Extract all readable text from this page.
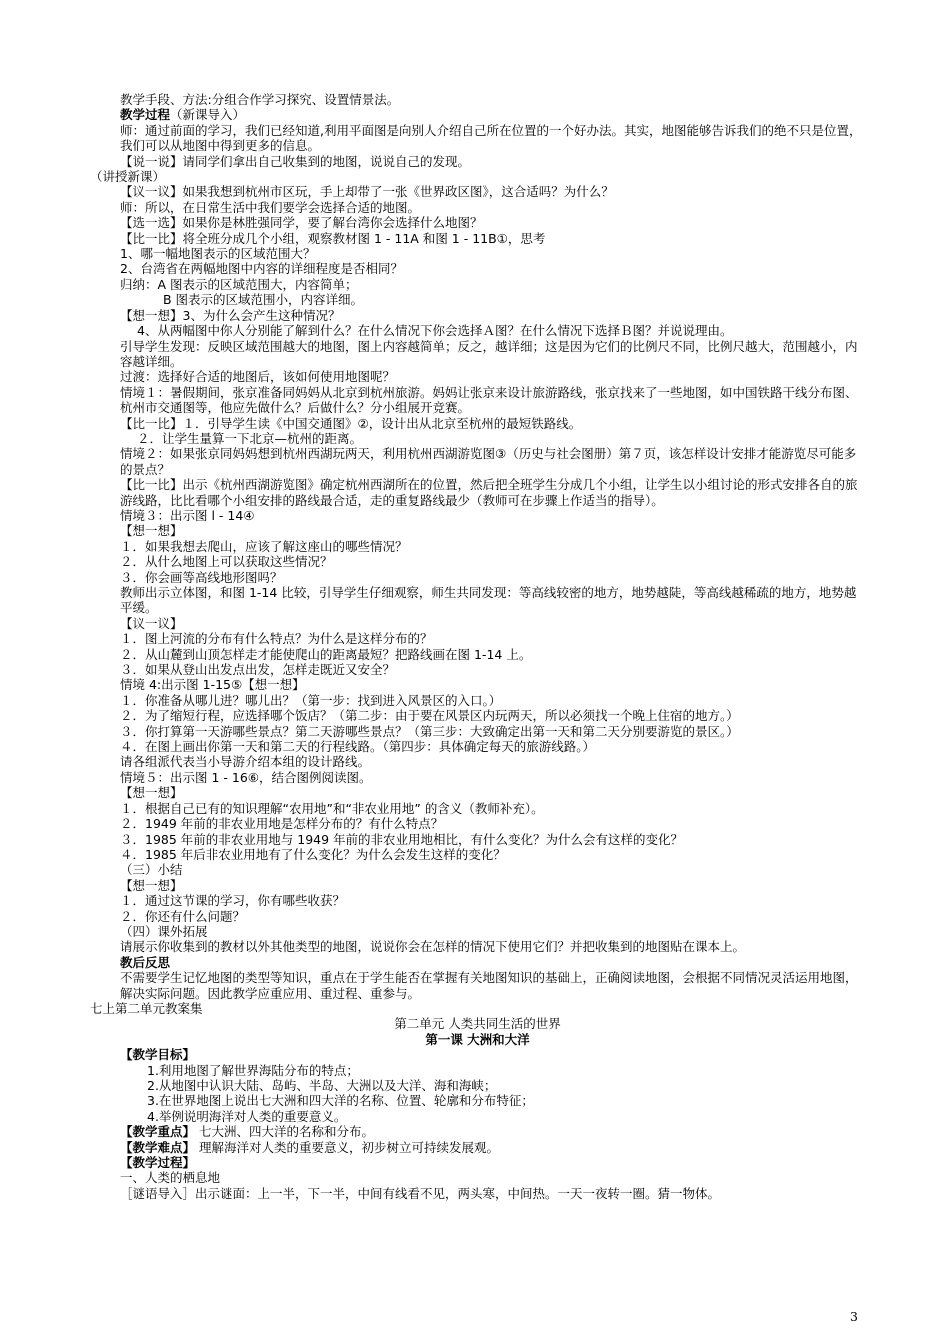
教学手段、方法:分组合作学习探究、设置情景法。
教学过程（新课导入）
师：通过前面的学习，我们已经知道,利用平面图是向别人介绍自己所在位置的一个好办法。其实，地图能够告诉我们的绝不只是位置，我们可以从地图中得到更多的信息。
【说一说】请同学们拿出自己收集到的地图，说说自己的发现。
（讲授新课）
【议一议】如果我想到杭州市区玩，手上却带了一张《世界政区图》，这合适吗？为什么？
师：所以，在日常生活中我们要学会选择合适的地图。
【选一选】如果你是林胜强同学，要了解台湾你会选择什么地图？
【比一比】将全班分成几个小组，观察教材图 1 - 11A 和图 1 - 11B①，思考
1、哪一幅地图表示的区域范围大？
2、台湾省在两幅地图中内容的详细程度是否相同？
归纳：A 图表示的区域范围大，内容简单；
B 图表示的区域范围小，内容详细。
【想一想】3、为什么会产生这种情况？
4、从两幅图中你人分别能了解到什么？在什么情况下你会选择Ａ图？在什么情况下选择Ｂ图？并说说理由。
引导学生发现：反映区域范围越大的地图，图上内容越简单；反之，越详细；这是因为它们的比例尺不同，比例尺越大，范围越小，内容越详细。
过渡：选择好合适的地图后，该如何使用地图呢？
情境１：暑假期间，张京准备同妈妈从北京到杭州旅游。妈妈让张京来设计旅游路线，张京找来了一些地图，如中国铁路干线分布图、杭州市交通图等，他应先做什么？后做什么？分小组展开竞赛。
【比一比】１．引导学生读《中国交通图》②，设计出从北京至杭州的最短铁路线。
２．让学生量算一下北京—杭州的距离。
情境２：如果张京同妈妈想到杭州西湖玩两天，利用杭州西湖游览图③（历史与社会图册）第７页，该怎样设计安排才能游览尽可能多的景点？
【比一比】出示《杭州西湖游览图》确定杭州西湖所在的位置，然后把全班学生分成几个小组，让学生以小组讨论的形式安排各自的旅游线路，比比看哪个小组安排的路线最合适，走的重复路线最少（教师可在步骤上作适当的指导）。
情境３：出示图 l - 14④
【想一想】
１．如果我想去爬山，应该了解这座山的哪些情况？
２．从什么地图上可以获取这些情况？
３．你会画等高线地形图吗？
教师出示立体图，和图 1-14 比较，引导学生仔细观察，师生共同发现：等高线较密的地方，地势越陡，等高线越稀疏的地方，地势越平缓。
【议一议】
１．图上河流的分布有什么特点？为什么是这样分布的？
２．从山麓到山顶怎样走才能使爬山的距离最短？把路线画在图 1-14 上。
３．如果从登山出发点出发，怎样走既近又安全？
情境 4:出示图 1-15⑤【想一想】
１．你准备从哪儿进？哪儿出？（第一步：找到进入风景区的入口。）
２．为了缩短行程，应选择哪个饭店？（第二步：由于要在风景区内玩两天，所以必须找一个晚上住宿的地方。）
３．你打算第一天游哪些景点？第二天游哪些景点？（第三步：大致确定出第一天和第二天分别要游览的景区。）
４．在图上画出你第一天和第二天的行程线路。（第四步：具体确定每天的旅游线路。）
请各组派代表当小导游介绍本组的设计路线。
情境５：出示图 1 - 16⑥，结合图例阅读图。
【想一想】
１．根据自己已有的知识理解“农用地”和“非农业用地” 的含义（教师补充）。
２．1949 年前的非农业用地是怎样分布的？有什么特点？
３．1985 年前的非农业用地与 1949 年前的非农业用地相比，有什么变化？为什么会有这样的变化？
４．1985 年后非农业用地有了什么变化？为什么会发生这样的变化？
（三）小结
【想一想】
１．通过这节课的学习，你有哪些收获？
２．你还有什么问题？
（四）课外拓展
请展示你收集到的教材以外其他类型的地图，说说你会在怎样的情况下使用它们？并把收集到的地图贴在课本上。
教后反思
不需要学生记忆地图的类型等知识，重点在于学生能否在掌握有关地图知识的基础上，正确阅读地图，会根据不同情况灵活运用地图，解决实际问题。因此教学应重应用、重过程、重参与。
七上第二单元教案集
第二单元 人类共同生活的世界
第一课 大洲和大洋
【教学目标】
1.利用地图了解世界海陆分布的特点；
2.从地图中认识大陆、岛屿、半岛、大洲以及大洋、海和海峡；
3.在世界地图上说出七大洲和四大洋的名称、位置、轮廓和分布特征；
4.举例说明海洋对人类的重要意义。
【教学重点】 七大洲、四大洋的名称和分布。
【教学难点】 理解海洋对人类的重要意义，初步树立可持续发展观。
【教学过程】
一、人类的栖息地
［谜语导入］出示谜面：上一半，下一半，中间有线看不见，两头寒，中间热。一天一夜转一圈。猜一物体。
3
